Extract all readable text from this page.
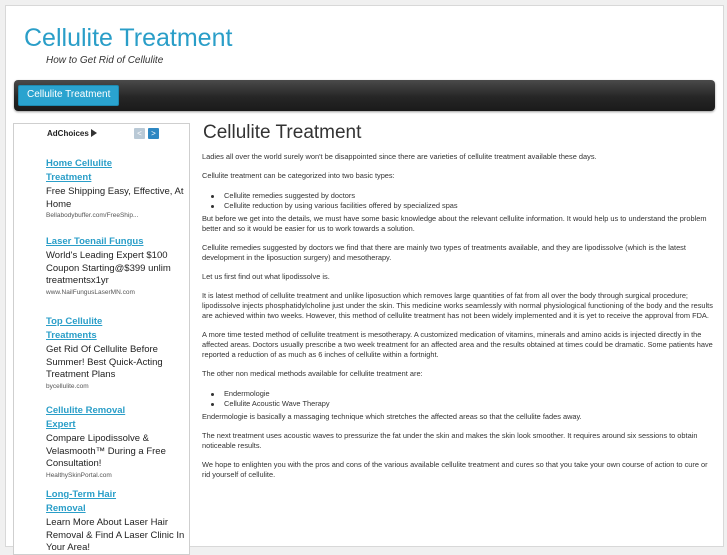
Cellulite Treatment
How to Get Rid of Cellulite
Cellulite Treatment
AdChoices	<	>
Home Cellulite
Treatment
Free Shipping Easy, Effective, At Home
Bellabodybuffer.com/FreeShip...
Laser Toenail Fungus
World's Leading Expert $100 Coupon Starting@$399 unlim treatmentsx1yr
www.NailFungusLaserMN.com
Top Cellulite
Treatments
Get Rid Of Cellulite Before Summer! Best Quick-Acting Treatment Plans
bycellulite.com
Cellulite Removal
Expert
Compare Lipodissolve & Velasmooth™ During a Free Consultation!
HealthySkinPortal.com
Long-Term Hair
Removal
Learn More About Laser Hair Removal & Find A Laser Clinic In Your Area!
Cellulite Treatment

Ladies all over the world surely won't be disappointed since there are varieties of cellulite treatment available these days.

Cellulite treatment can be categorized into two basic types:

Cellulite remedies suggested by doctors
Cellulite reduction by using various facilities offered by specialized spas

But before we get into the details, we must have some basic knowledge about the relevant cellulite information. It would help us to understand the problem better and so it would be easier for us to work towards a solution.

Cellulite remedies suggested by doctors we find that there are mainly two types of treatments available, and they are lipodissolve (which is the latest development in the liposuction surgery) and mesotherapy.

Let us first find out what lipodissolve is.

It is latest method of cellulite treatment and unlike liposuction which removes large quantities of fat from all over the body through surgical procedure; lipodissolve injects phosphatidylcholine just under the skin. This medicine works seamlessly with normal physiological functioning of the body and the results are achieved within two weeks. However, this method of cellulite treatment has not been widely implemented and it is yet to receive the approval from FDA.

A more time tested method of cellulite treatment is mesotherapy. A customized medication of vitamins, minerals and amino acids is injected directly in the affected areas. Doctors usually prescribe a two week treatment for an affected area and the results obtained at times could be dramatic. Some patients have reported a reduction of as much as 6 inches of cellulite within a fortnight.

The other non medical methods available for cellulite treatment are:

Endermologie
Cellulite Acoustic Wave Therapy

Endermologie is basically a massaging technique which stretches the affected areas so that the cellulite fades away.

The next treatment uses acoustic waves to pressurize the fat under the skin and makes the skin look smoother. It requires around six sessions to obtain noticeable results.

We hope to enlighten you with the pros and cons of the various available cellulite treatment and cures so that you take your own course of action to cure or rid yourself of cellulite.
